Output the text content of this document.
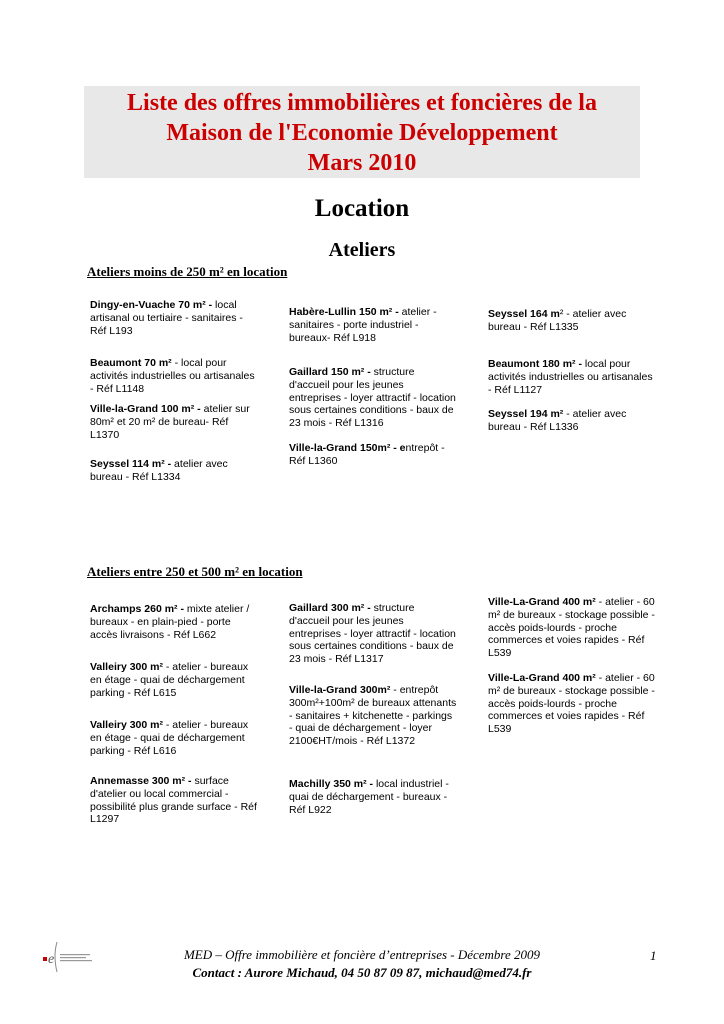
Liste des offres immobilières et foncières de la
Maison de l'Economie Développement
Mars 2010
Location
Ateliers
Ateliers moins de 250 m² en location
Dingy-en-Vuache 70 m² - local artisanal ou tertiaire - sanitaires - Réf L193
Beaumont 70 m² - local pour activités industrielles ou artisanales - Réf L1148
Ville-la-Grand 100 m² - atelier sur 80m² et 20 m² de bureau- Réf L1370
Seyssel 114 m² - atelier avec bureau - Réf L1334
Habère-Lullin 150 m² - atelier - sanitaires - porte industriel - bureaux- Réf L918
Gaillard 150 m² - structure d'accueil pour les jeunes entreprises - loyer attractif - location sous certaines conditions - baux de 23 mois - Réf L1316
Ville-la-Grand 150m² - entrepôt - Réf L1360
Seyssel 164 m² - atelier avec bureau - Réf L1335
Beaumont 180 m² - local pour activités industrielles ou artisanales - Réf L1127
Seyssel 194 m² - atelier avec bureau - Réf L1336
Ateliers entre 250 et 500 m² en location
Archamps 260 m² - mixte atelier / bureaux - en plain-pied - porte accès livraisons - Réf L662
Valleiry 300 m² - atelier - bureaux en étage - quai de déchargement parking - Réf L615
Valleiry 300 m² - atelier - bureaux en étage - quai de déchargement parking - Réf L616
Annemasse 300 m² - surface d'atelier ou local commercial - possibilité plus grande surface - Réf L1297
Gaillard 300 m² - structure d'accueil pour les jeunes entreprises - loyer attractif - location sous certaines conditions - baux de 23 mois - Réf L1317
Ville-la-Grand 300m² - entrepôt 300m²+100m² de bureaux attenants - sanitaires + kitchenette - parkings - quai de déchargement - loyer 2100€HT/mois - Réf L1372
Machilly 350 m² - local industriel - quai de déchargement - bureaux - Réf L922
Ville-La-Grand 400 m² - atelier - 60 m² de bureaux - stockage possible - accès poids-lourds - proche commerces et voies rapides - Réf L539
Ville-La-Grand 400 m² - atelier - 60 m² de bureaux - stockage possible - accès poids-lourds - proche commerces et voies rapides - Réf L539
e	MED – Offre immobilière et foncière d’entreprises - Décembre 2009
Contact : Aurore Michaud, 04 50 87 09 87, michaud@med74.fr
1
